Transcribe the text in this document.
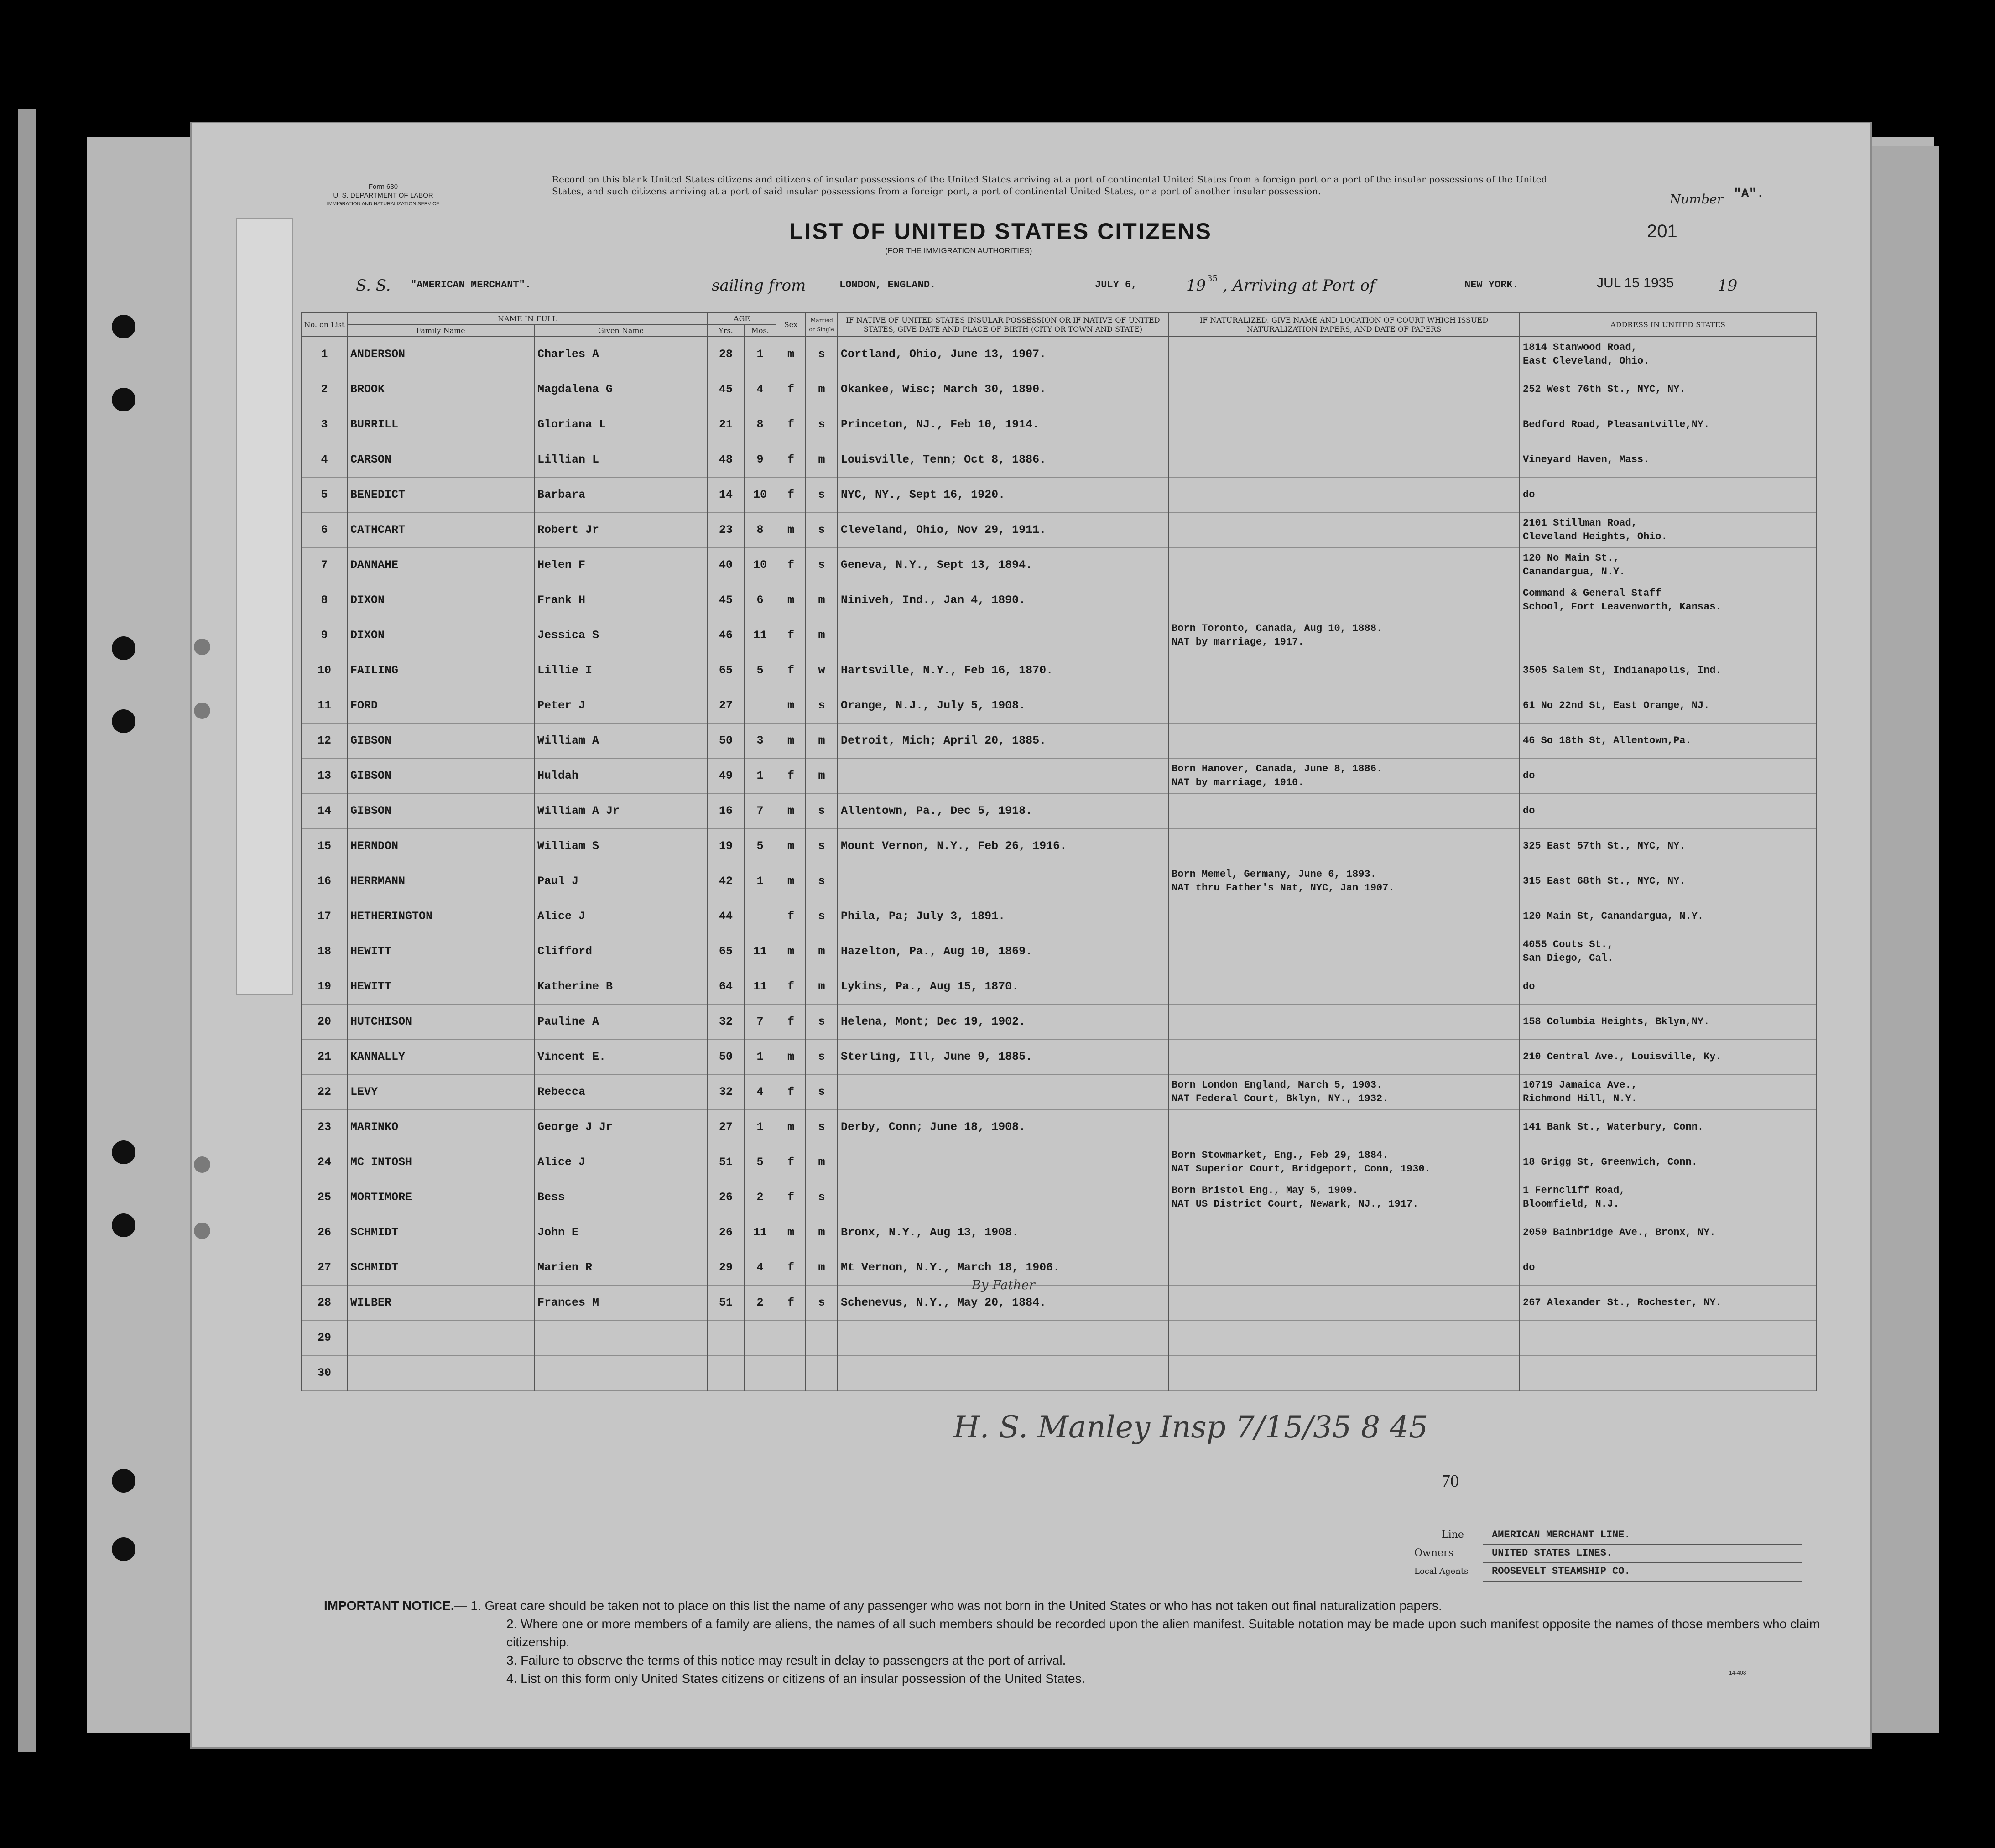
Form 630
U. S. DEPARTMENT OF LABOR
IMMIGRATION AND NATURALIZATION SERVICE
Record on this blank United States citizens and citizens of insular possessions of the United States arriving at a port of continental United States from a foreign port or a port of the insular possessions of the United States, and such citizens arriving at a port of said insular possessions from a foreign port, a port of continental United States, or a port of another insular possession.
Number "A".
LIST OF UNITED STATES CITIZENS
(FOR THE IMMIGRATION AUTHORITIES)
201
S. S. "AMERICAN MERCHANT".	sailing from	LONDON, ENGLAND.	JULY 6,	19 35 , Arriving at Port of	NEW YORK.	JUL 15 1935	19
No. on List	NAME IN FULL		AGE		Sex	Married or Single	IF NATIVE OF UNITED STATES INSULAR POSSESSION OR IF NATIVE OF UNITED STATES, GIVE DATE AND PLACE OF BIRTH (CITY OR TOWN AND STATE)	IF NATURALIZED, GIVE NAME AND LOCATION OF COURT WHICH ISSUED NATURALIZATION PAPERS, AND DATE OF PAPERS	ADDRESS IN UNITED STATES
	Family Name	Given Name	Yrs.	Mos.					
1	ANDERSON	Charles A	28	1	m	s	Cortland, Ohio, June 13, 1907.		1814 Stanwood Road,
East Cleveland, Ohio.

2	BROOK	Magdalena G	45	4	f	m	Okankee, Wisc; March 30, 1890.		252 West 76th St., NYC, NY.

3	BURRILL	Gloriana L	21	8	f	s	Princeton, NJ., Feb 10, 1914.		Bedford Road, Pleasantville,NY.

4	CARSON	Lillian L	48	9	f	m	Louisville, Tenn; Oct 8, 1886.		Vineyard Haven, Mass.

5	BENEDICT	Barbara	14	10	f	s	NYC, NY., Sept 16, 1920.		do

6	CATHCART	Robert Jr	23	8	m	s	Cleveland, Ohio, Nov 29, 1911.		2101 Stillman Road,
Cleveland Heights, Ohio.

7	DANNAHE	Helen F	40	10	f	s	Geneva, N.Y., Sept 13, 1894.		120 No Main St.,
Canandargua, N.Y.

8	DIXON	Frank H	45	6	m	m	Niniveh, Ind., Jan 4, 1890.		Command & General Staff
School, Fort Leavenworth, Kansas.

9	DIXON	Jessica S	46	11	f	m		Born Toronto, Canada, Aug 10, 1888.
NAT by marriage, 1917.	

10	FAILING	Lillie I	65	5	f	w	Hartsville, N.Y., Feb 16, 1870.		3505 Salem St, Indianapolis, Ind.

11	FORD	Peter J	27		m	s	Orange, N.J., July 5, 1908.		61 No 22nd St, East Orange, NJ.

12	GIBSON	William A	50	3	m	m	Detroit, Mich; April 20, 1885.		46 So 18th St, Allentown,Pa.

13	GIBSON	Huldah	49	1	f	m		Born Hanover, Canada, June 8, 1886.
NAT by marriage, 1910.	do

14	GIBSON	William A Jr	16	7	m	s	Allentown, Pa., Dec 5, 1918.		do

15	HERNDON	William S	19	5	m	s	Mount Vernon, N.Y., Feb 26, 1916.		325 East 57th St., NYC, NY.

16	HERRMANN	Paul J	42	1	m	s		Born Memel, Germany, June 6, 1893.
NAT thru Father's Nat, NYC, Jan 1907.	315 East 68th St., NYC, NY.

17	HETHERINGTON	Alice J	44		f	s	Phila, Pa; July 3, 1891.		120 Main St, Canandargua, N.Y.

18	HEWITT	Clifford	65	11	m	m	Hazelton, Pa., Aug 10, 1869.		4055 Couts St.,
San Diego, Cal.

19	HEWITT	Katherine B	64	11	f	m	Lykins, Pa., Aug 15, 1870.		do

20	HUTCHISON	Pauline A	32	7	f	s	Helena, Mont; Dec 19, 1902.		158 Columbia Heights, Bklyn,NY.

21	KANNALLY	Vincent E.	50	1	m	s	Sterling, Ill, June 9, 1885.		210 Central Ave., Louisville, Ky.

22	LEVY	Rebecca	32	4	f	s		Born London England, March 5, 1903.
NAT Federal Court, Bklyn, NY., 1932.	10719 Jamaica Ave.,
Richmond Hill, N.Y.

23	MARINKO	George J Jr	27	1	m	s	Derby, Conn; June 18, 1908.		141 Bank St., Waterbury, Conn.

24	MC INTOSH	Alice J	51	5	f	m		Born Stowmarket, Eng., Feb 29, 1884.
NAT Superior Court, Bridgeport, Conn, 1930.	18 Grigg St, Greenwich, Conn.

25	MORTIMORE	Bess	26	2	f	s		Born Bristol Eng., May 5, 1909.
NAT US District Court, Newark, NJ., 1917.	1 Ferncliff Road,
Bloomfield, N.J.

26	SCHMIDT	John E	26	11	m	m	Bronx, N.Y., Aug 13, 1908.		2059 Bainbridge Ave., Bronx, NY.

27	SCHMIDT	Marien R	29	4	f	m	Mt Vernon, N.Y., March 18, 1906.		do

28	WILBER	Frances M	51	2	f	s	Schenevus, N.Y., May 20, 1884.		267 Alexander St., Rochester, NY.

29								

30								

By Father
H. S. Manley Insp 7/15/35 8 45
70
Line	AMERICAN MERCHANT LINE.
Owners	UNITED STATES LINES.
Local Agents	ROOSEVELT STEAMSHIP CO.
IMPORTANT NOTICE.— 1. Great care should be taken not to place on this list the name of any passenger who was not born in the United States or who has not taken out final naturalization papers.
2. Where one or more members of a family are aliens, the names of all such members should be recorded upon the alien manifest. Suitable notation may be made upon such manifest opposite the names of those members who claim citizenship.
3. Failure to observe the terms of this notice may result in delay to passengers at the port of arrival.
4. List on this form only United States citizens or citizens of an insular possession of the United States.	14-408
